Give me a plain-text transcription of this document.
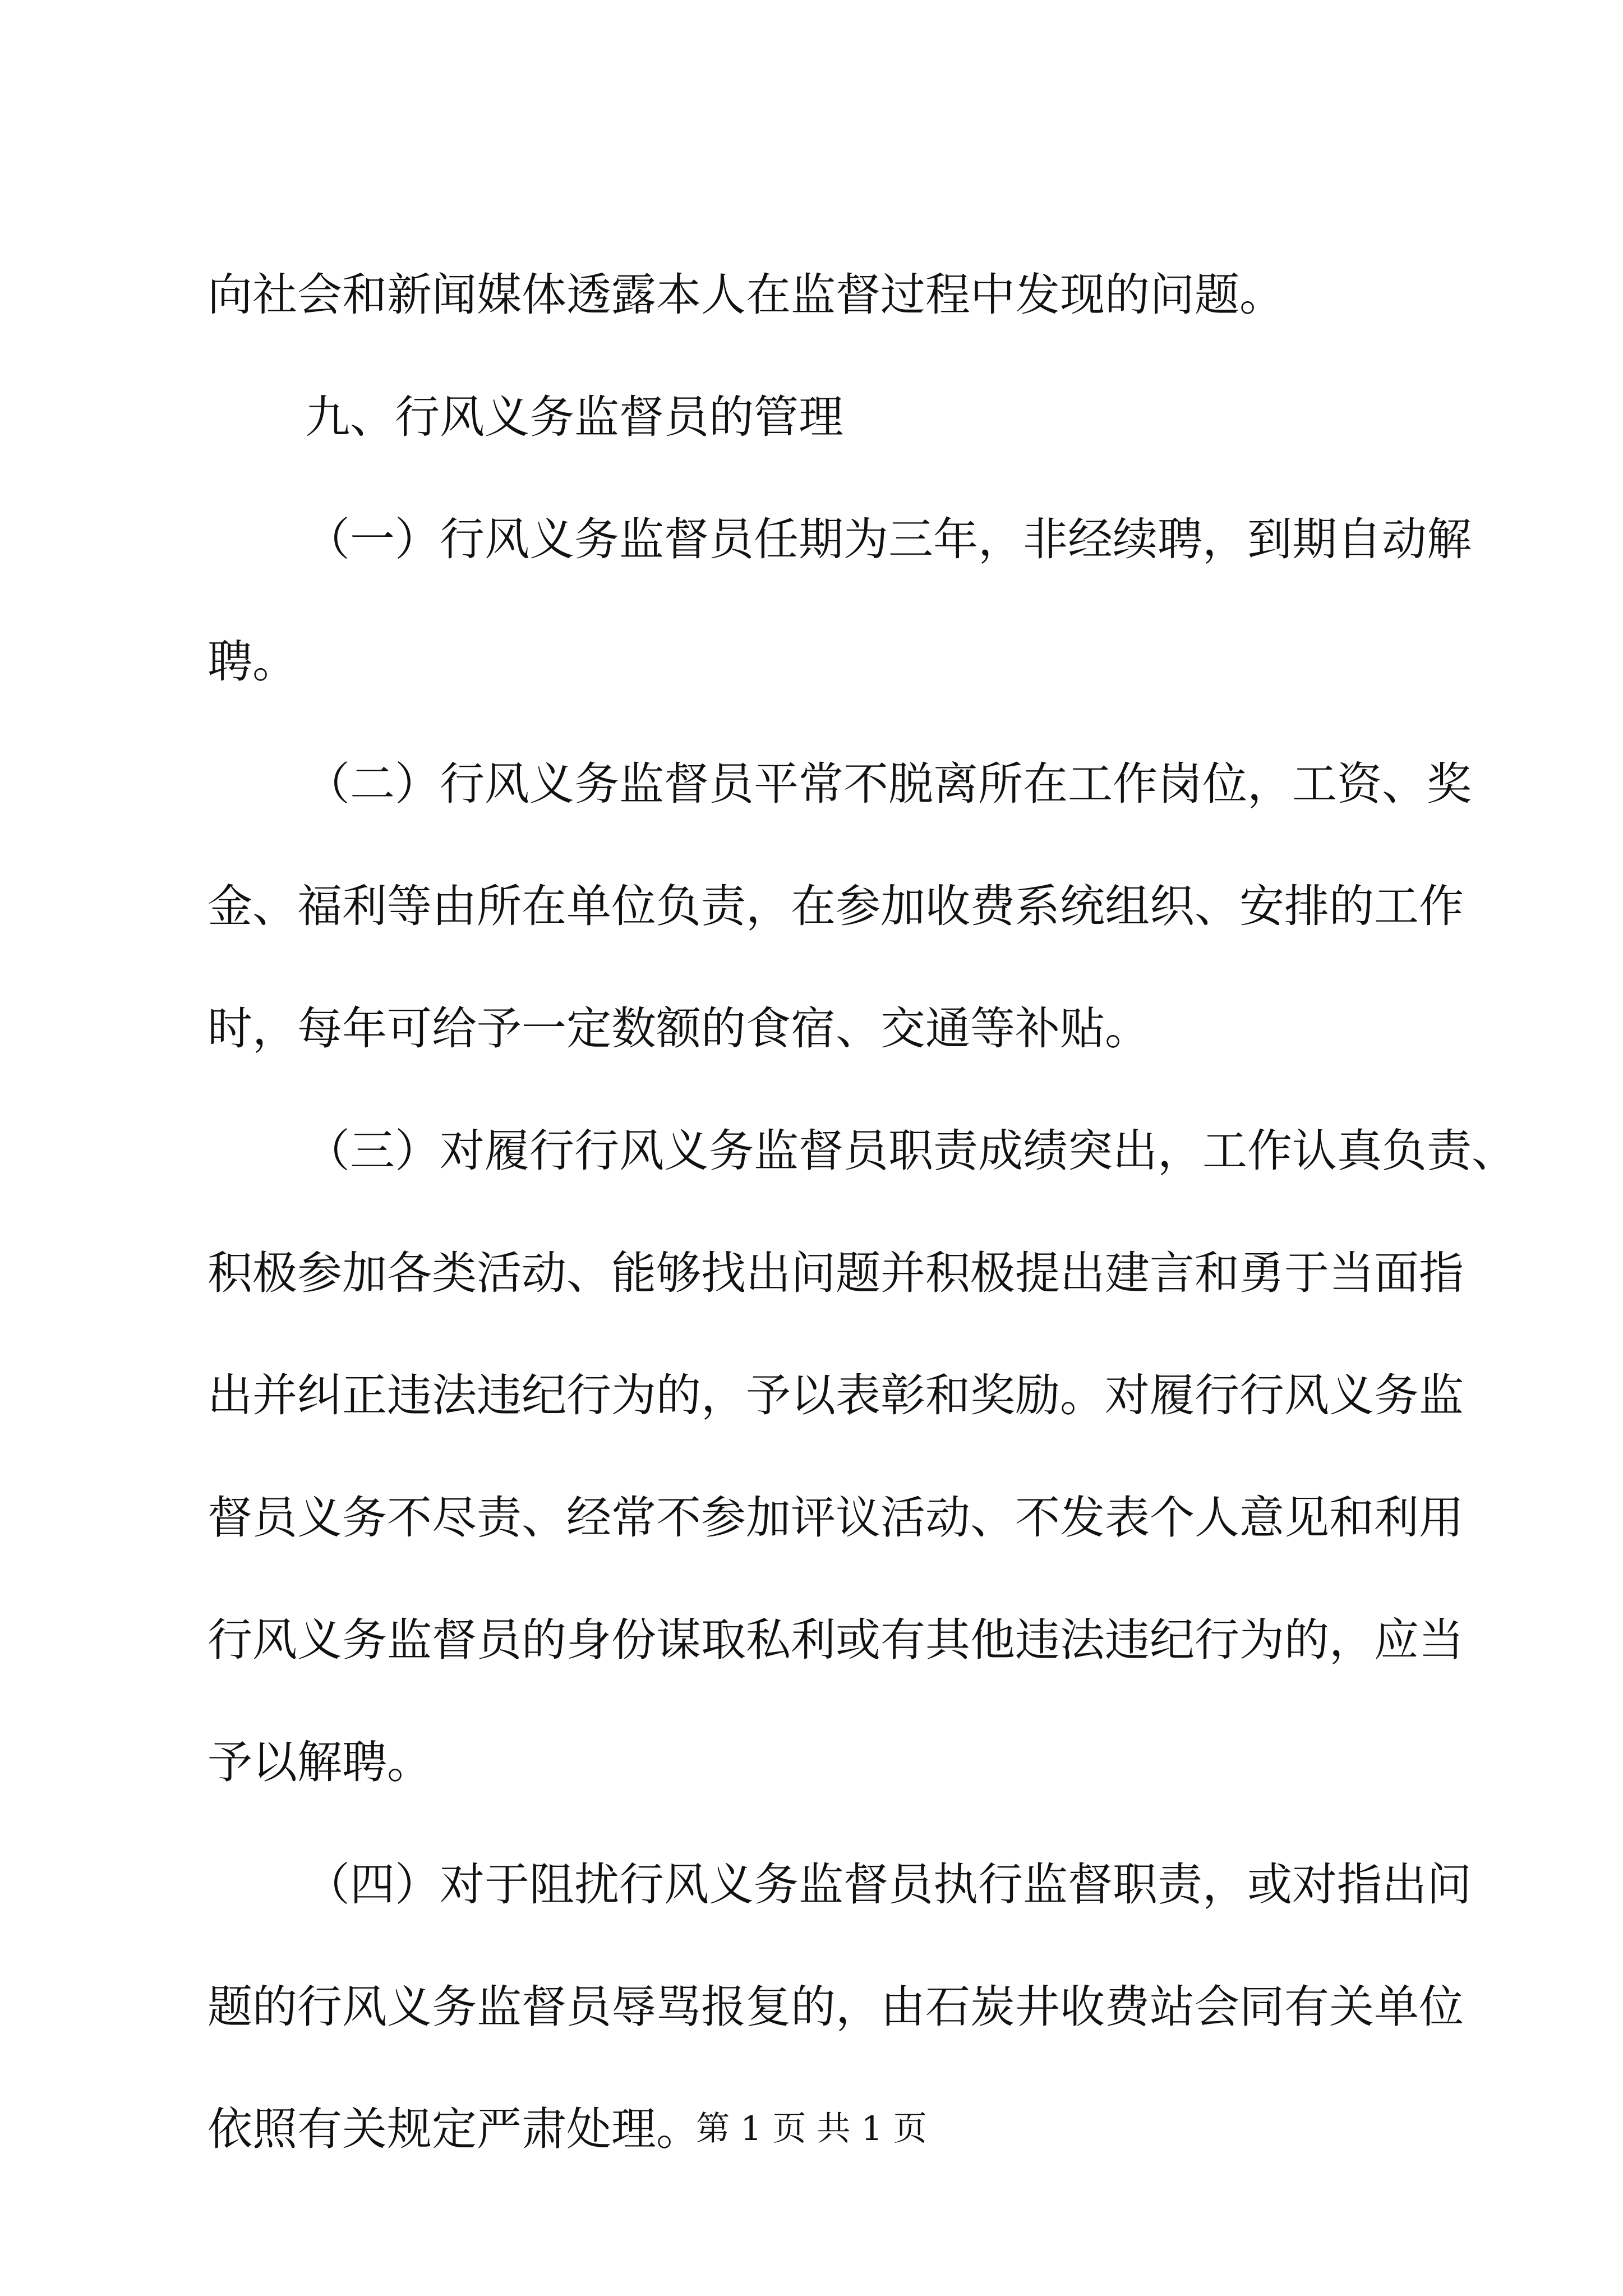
向社会和新闻媒体透露本人在监督过程中发现的问题。
九、行风义务监督员的管理
（一）行风义务监督员任期为三年，非经续聘，到期自动解
聘。
（二）行风义务监督员平常不脱离所在工作岗位，工资、奖
金、福利等由所在单位负责，在参加收费系统组织、安排的工作
时，每年可给予一定数额的食宿、交通等补贴。
（三）对履行行风义务监督员职责成绩突出，工作认真负责、
积极参加各类活动、能够找出问题并积极提出建言和勇于当面指
出并纠正违法违纪行为的，予以表彰和奖励。对履行行风义务监
督员义务不尽责、经常不参加评议活动、不发表个人意见和利用
行风义务监督员的身份谋取私利或有其他违法违纪行为的，应当
予以解聘。
（四）对于阻扰行风义务监督员执行监督职责，或对指出问
题的行风义务监督员辱骂报复的，由石炭井收费站会同有关单位
依照有关规定严肃处理。
第 1 页 共 1 页
